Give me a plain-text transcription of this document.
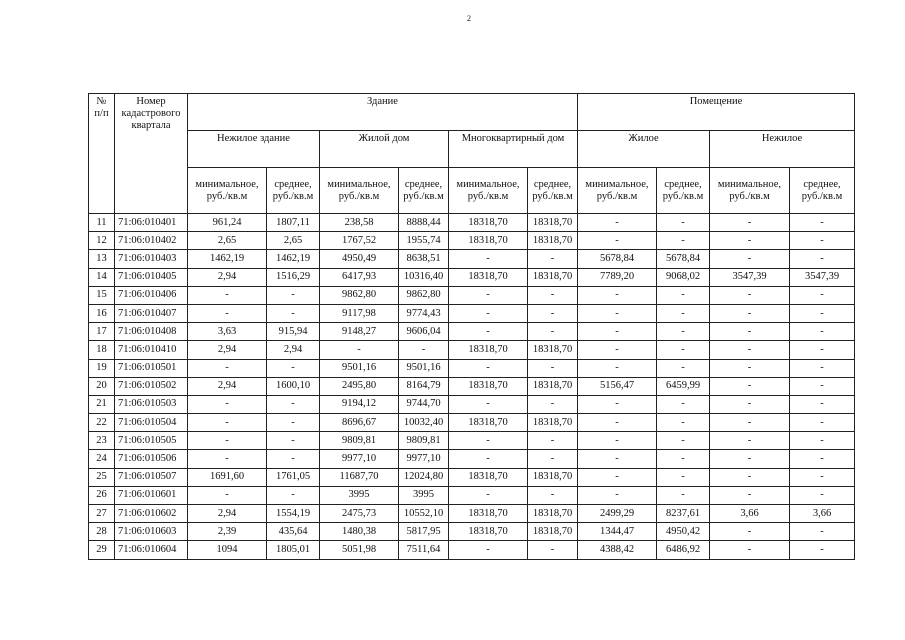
2
№ п/п	Номер кадастрового квартала	Здание						Помещение			
		Нежилое здание		Жилой дом		Многоквартирный дом		Жилое		Нежилое	
		минимальное, руб./кв.м	среднее, руб./кв.м	минимальное, руб./кв.м	среднее, руб./кв.м	минимальное, руб./кв.м	среднее, руб./кв.м	минимальное, руб./кв.м	среднее, руб./кв.м	минимальное, руб./кв.м	среднее, руб./кв.м
11	71:06:010401	961,24	1807,11	238,58	8888,44	18318,70	18318,70	-	-	-	-
12	71:06:010402	2,65	2,65	1767,52	1955,74	18318,70	18318,70	-	-	-	-
13	71:06:010403	1462,19	1462,19	4950,49	8638,51	-	-	5678,84	5678,84	-	-
14	71:06:010405	2,94	1516,29	6417,93	10316,40	18318,70	18318,70	7789,20	9068,02	3547,39	3547,39
15	71:06:010406	-	-	9862,80	9862,80	-	-	-	-	-	-
16	71:06:010407	-	-	9117,98	9774,43	-	-	-	-	-	-
17	71:06:010408	3,63	915,94	9148,27	9606,04	-	-	-	-	-	-
18	71:06:010410	2,94	2,94	-	-	18318,70	18318,70	-	-	-	-
19	71:06:010501	-	-	9501,16	9501,16	-	-	-	-	-	-
20	71:06:010502	2,94	1600,10	2495,80	8164,79	18318,70	18318,70	5156,47	6459,99	-	-
21	71:06:010503	-	-	9194,12	9744,70	-	-	-	-	-	-
22	71:06:010504	-	-	8696,67	10032,40	18318,70	18318,70	-	-	-	-
23	71:06:010505	-	-	9809,81	9809,81	-	-	-	-	-	-
24	71:06:010506	-	-	9977,10	9977,10	-	-	-	-	-	-
25	71:06:010507	1691,60	1761,05	11687,70	12024,80	18318,70	18318,70	-	-	-	-
26	71:06:010601	-	-	3995	3995	-	-	-	-	-	-
27	71:06:010602	2,94	1554,19	2475,73	10552,10	18318,70	18318,70	2499,29	8237,61	3,66	3,66
28	71:06:010603	2,39	435,64	1480,38	5817,95	18318,70	18318,70	1344,47	4950,42	-	-
29	71:06:010604	1094	1805,01	5051,98	7511,64	-	-	4388,42	6486,92	-	-
